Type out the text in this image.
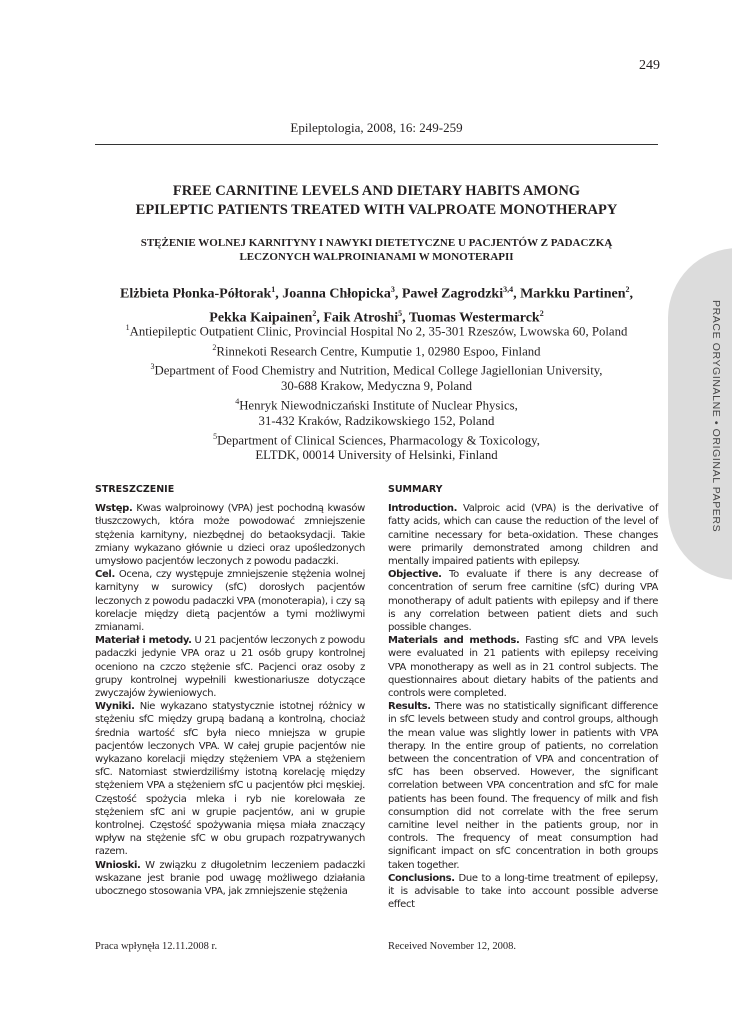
249
Epileptologia, 2008, 16: 249-259
FREE CARNITINE LEVELS AND DIETARY HABITS AMONG
EPILEPTIC PATIENTS TREATED WITH VALPROATE MONOTHERAPY
STĘŻENIE WOLNEJ KARNITYNY I NAWYKI DIETETYCZNE U PACJENTÓW Z PADACZKĄ
LECZONYCH WALPROINIANAMI W MONOTERAPII
Elżbieta Płonka-Półtorak$^1$, Joanna Chłopicka$^3$, Paweł Zagrodzki$^{3,4}$, Markku Partinen$^2$,
Pekka Kaipainen$^2$, Faik Atroshi$^5$, Tuomas Westermarck$^2$
$^1$Antiepileptic Outpatient Clinic, Provincial Hospital No 2, 35-301 Rzeszów, Lwowska 60, Poland
$^2$Rinnekoti Research Centre, Kumputie 1, 02980 Espoo, Finland
$^3$Department of Food Chemistry and Nutrition, Medical College Jagiellonian University,
30-688 Krakow, Medyczna 9, Poland
$^4$Henryk Niewodniczański Institute of Nuclear Physics,
31-432 Kraków, Radzikowskiego 152, Poland
$^5$Department of Clinical Sciences, Pharmacology & Toxicology,
ELTDK, 00014 University of Helsinki, Finland	PRACE ORYGINALNE • ORIGINAL PAPERS
STRESZCZENIE

Wstęp. Kwas walproinowy (VPA) jest pochodną kwasów tłuszczowych, która może powodować zmniejszenie stężenia karnityny, niezbędnej do betaoksydacji. Takie zmiany wykazano głównie u dzieci oraz upośledzonych umysłowo pacjentów leczonych z powodu padaczki.

Cel. Ocena, czy występuje zmniejszenie stężenia wolnej karnityny w surowicy (sfC) dorosłych pacjentów leczonych z powodu padaczki VPA (monoterapia), i czy są korelacje między dietą pacjentów a tymi możliwymi zmianami.

Materiał i metody. U 21 pacjentów leczonych z powodu padaczki jedynie VPA oraz u 21 osób grupy kontrolnej oceniono na czczo stężenie sfC. Pacjenci oraz osoby z grupy kontrolnej wypełnili kwestionariusze dotyczące zwyczajów żywieniowych.

Wyniki. Nie wykazano statystycznie istotnej różnicy w stężeniu sfC między grupą badaną a kontrolną, chociaż średnia wartość sfC była nieco mniejsza w grupie pacjentów leczonych VPA. W całej grupie pacjentów nie wykazano korelacji między stężeniem VPA a stężeniem sfC. Natomiast stwierdziliśmy istotną korelację między stężeniem VPA a stężeniem sfC u pacjentów płci męskiej. Częstość spożycia mleka i ryb nie korelowała ze stężeniem sfC ani w grupie pacjentów, ani w grupie kontrolnej. Częstość spożywania mięsa miała znaczący wpływ na stężenie sfC w obu grupach rozpatrywanych razem.

Wnioski. W związku z długoletnim leczeniem padaczki wskazane jest branie pod uwagę możliwego działania ubocznego stosowania VPA, jak zmniejszenie stężenia

SUMMARY

Introduction. Valproic acid (VPA) is the derivative of fatty acids, which can cause the reduction of the level of carnitine necessary for beta-oxidation. These changes were primarily demonstrated among children and mentally impaired patients with epilepsy.

Objective. To evaluate if there is any decrease of concentration of serum free carnitine (sfC) during VPA monotherapy of adult patients with epilepsy and if there is any correlation between patient diets and such possible changes.

Materials and methods. Fasting sfC and VPA levels were evaluated in 21 patients with epilepsy receiving VPA monotherapy as well as in 21 control subjects. The questionnaires about dietary habits of the patients and controls were completed.

Results. There was no statistically significant difference in sfC levels between study and control groups, although the mean value was slightly lower in patients with VPA therapy. In the entire group of patients, no correlation between the concentration of VPA and concentration of sfC has been observed. However, the significant correlation between VPA concentration and sfC for male patients has been found. The frequency of milk and fish consumption did not correlate with the free serum carnitine level neither in the patients group, nor in controls. The frequency of meat consumption had significant impact on sfC concentration in both groups taken together.

Conclusions. Due to a long-time treatment of epilepsy, it is advisable to take into account possible adverse effect

Praca wpłynęła 12.11.2008 r.	Received November 12, 2008.
